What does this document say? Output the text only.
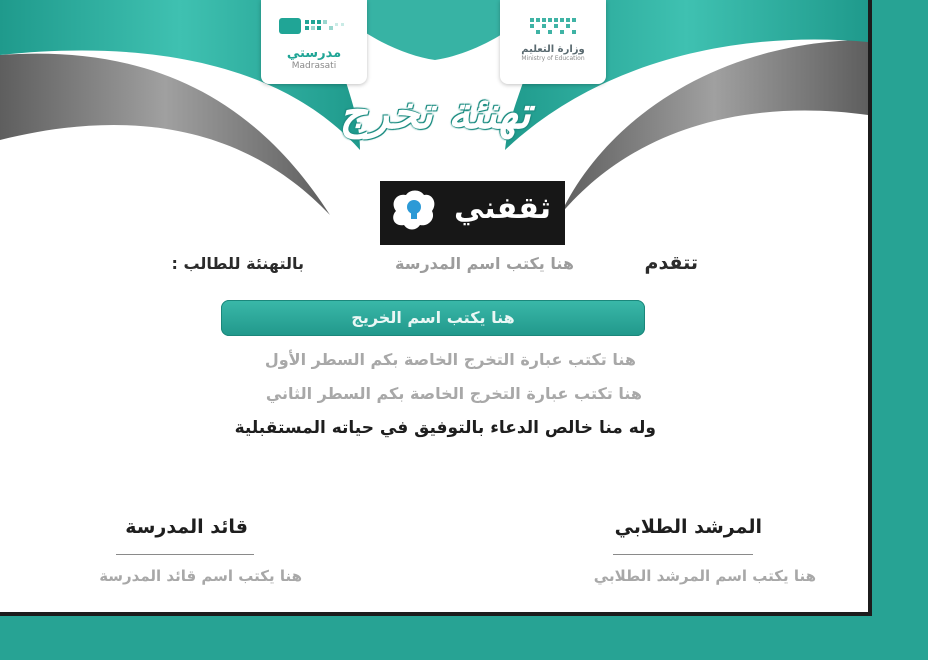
مدرستي
Madrasati
وزارة التعليم
Ministry of Education
تهنئة تخرج
ثقفني
تتقدم
هنا يكتب اسم المدرسة
بالتهنئة للطالب :
هنا يكتب اسم الخريج
هنا تكتب عبارة التخرج الخاصة بكم السطر الأول
هنا تكتب عبارة التخرج الخاصة بكم السطر الثاني
وله منا خالص الدعاء بالتوفيق في حياته المستقبلية
المرشد الطلابي
هنا يكتب اسم المرشد الطلابي
قائد المدرسة
هنا يكتب اسم قائد المدرسة
